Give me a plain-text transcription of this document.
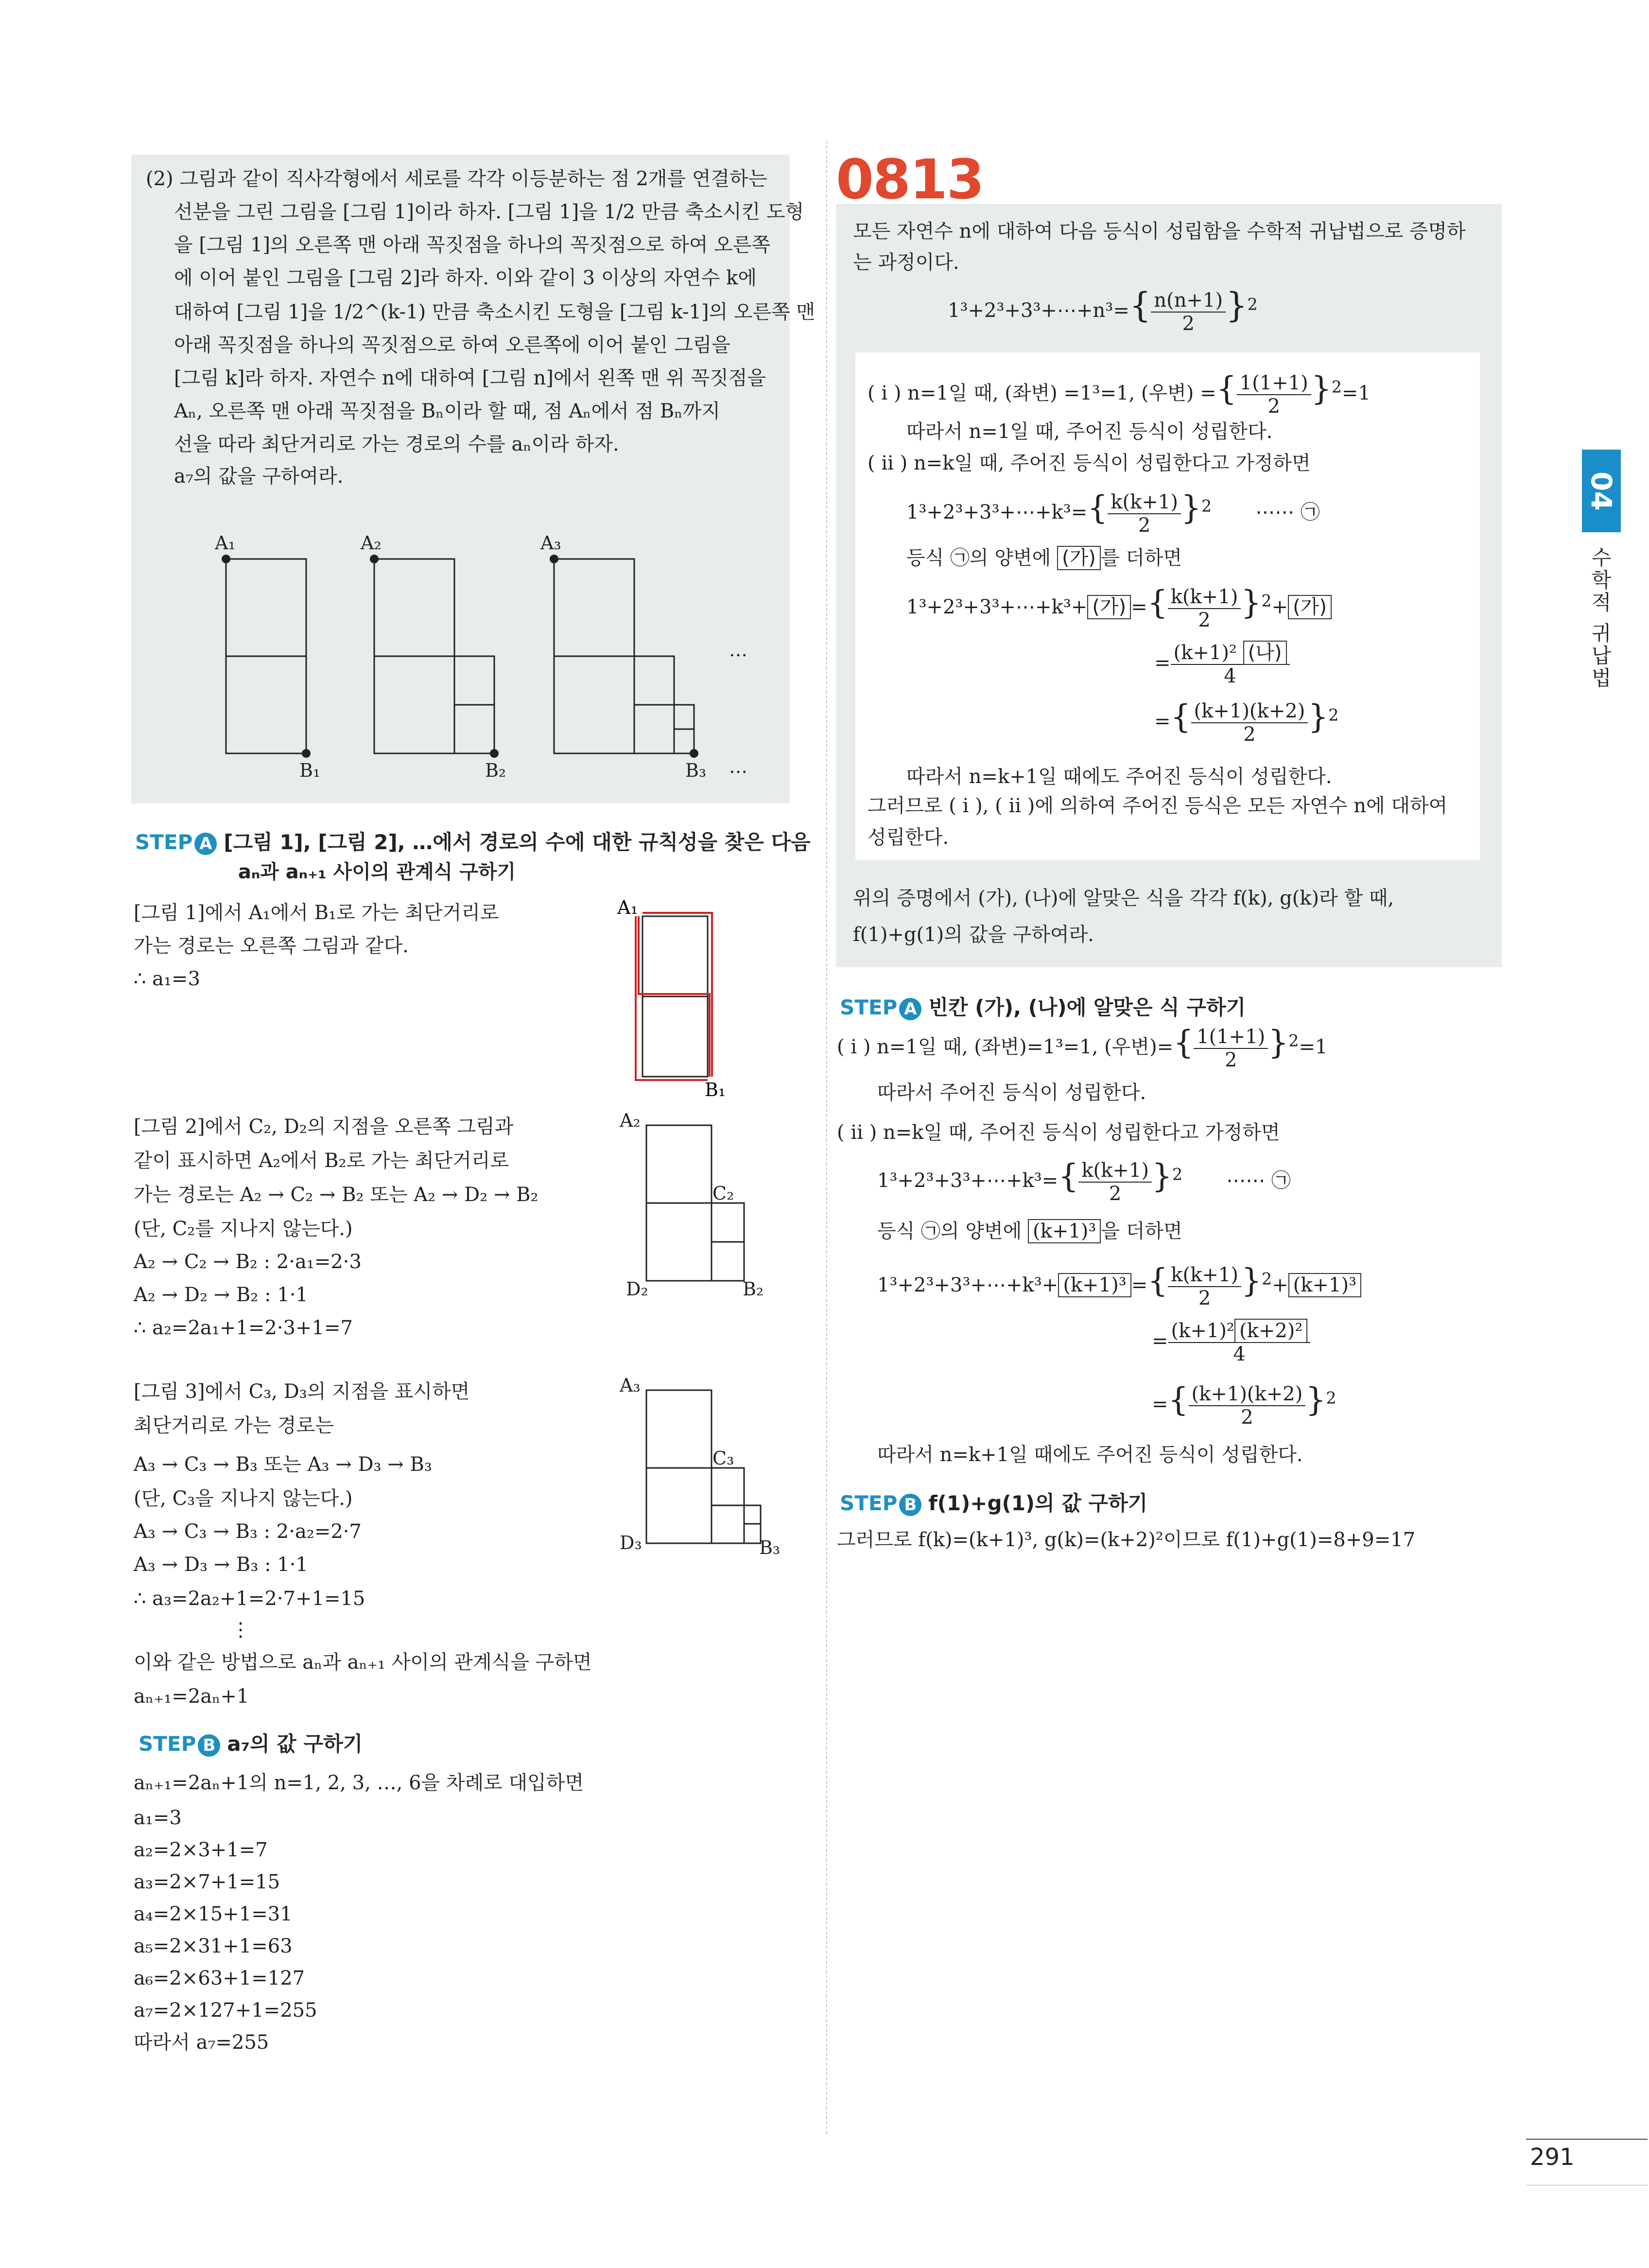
(2) 그림과 같이 직사각형에서 세로를 각각 이등분하는 점 2개를 연결하는
선분을 그린 그림을 [그림 1]이라 하자. [그림 1]을 1/2 만큼 축소시킨 도형
을 [그림 1]의 오른쪽 맨 아래 꼭짓점을 하나의 꼭짓점으로 하여 오른쪽
에 이어 붙인 그림을 [그림 2]라 하자. 이와 같이 3 이상의 자연수 k에
대하여 [그림 1]을 1/2^(k-1) 만큼 축소시킨 도형을 [그림 k-1]의 오른쪽 맨
아래 꼭짓점을 하나의 꼭짓점으로 하여 오른쪽에 이어 붙인 그림을
[그림 k]라 하자. 자연수 n에 대하여 [그림 n]에서 왼쪽 맨 위 꼭짓점을
Aₙ, 오른쪽 맨 아래 꼭짓점을 Bₙ이라 할 때, 점 Aₙ에서 점 Bₙ까지
선을 따라 최단거리로 가는 경로의 수를 aₙ이라 하자.
a₇의 값을 구하여라.
A₁	A₂	A₃
B₁	B₂	B₃
…
…
STEP A [그림 1], [그림 2], …에서 경로의 수에 대한 규칙성을 찾은 다음
aₙ과 aₙ₊₁ 사이의 관계식 구하기
[그림 1]에서 A₁에서 B₁로 가는 최단거리로
가는 경로는 오른쪽 그림과 같다.
∴ a₁=3
A₁
B₁
[그림 2]에서 C₂, D₂의 지점을 오른쪽 그림과
같이 표시하면 A₂에서 B₂로 가는 최단거리로
가는 경로는 A₂ → C₂ → B₂ 또는 A₂ → D₂ → B₂
(단, C₂를 지나지 않는다.)
A₂ → C₂ → B₂ : 2·a₁=2·3
A₂ → D₂ → B₂ : 1·1
∴ a₂=2a₁+1=2·3+1=7
A₂
C₂
D₂	B₂
[그림 3]에서 C₃, D₃의 지점을 표시하면
최단거리로 가는 경로는
A₃ → C₃ → B₃ 또는 A₃ → D₃ → B₃
(단, C₃을 지나지 않는다.)
A₃ → C₃ → B₃ : 2·a₂=2·7
A₃ → D₃ → B₃ : 1·1
∴ a₃=2a₂+1=2·7+1=15
⋮
이와 같은 방법으로 aₙ과 aₙ₊₁ 사이의 관계식을 구하면
aₙ₊₁=2aₙ+1
A₃
C₃
D₃	B₃
STEP B a₇의 값 구하기
aₙ₊₁=2aₙ+1의 n=1, 2, 3, …, 6을 차례로 대입하면
a₁=3
a₂=2×3+1=7
a₃=2×7+1=15
a₄=2×15+1=31
a₅=2×31+1=63
a₆=2×63+1=127
a₇=2×127+1=255
따라서 a₇=255
0813
모든 자연수 n에 대하여 다음 등식이 성립함을 수학적 귀납법으로 증명하
는 과정이다.
1³+2³+3³+⋯+n³={ $\frac{n(n+1)}{2} \}^2$
( i ) n=1일 때, (좌변) =1³=1, (우변) ={ $\frac{1(1+1)}{2} \}^2=1$
따라서 n=1일 때, 주어진 등식이 성립한다.
( ii ) n=k일 때, 주어진 등식이 성립한다고 가정하면
1³+2³+3³+⋯+k³={ $\frac{k(k+1)}{2} \}^2$ ⋯⋯ ㉠
등식 ㉠의 양변에 (가) 를 더하면
1³+2³+3³+⋯+k³+ (가) ={ $\frac{k(k+1)}{2} \}^2+$ (가)
= $\frac{\text{(k+1)² (나)}}{4}$
={ $\frac{(k+1)(k+2)}{2} \}^2$
따라서 n=k+1일 때에도 주어진 등식이 성립한다.
그러므로 ( i ), ( ii )에 의하여 주어진 등식은 모든 자연수 n에 대하여
성립한다.
위의 증명에서 (가), (나)에 알맞은 식을 각각 f(k), g(k)라 할 때,
f(1)+g(1)의 값을 구하여라.
STEP A 빈칸 (가), (나)에 알맞은 식 구하기
( i ) n=1일 때, (좌변)=1³=1, (우변)={ $\frac{1(1+1)}{2} \}^2=1$
따라서 주어진 등식이 성립한다.
( ii ) n=k일 때, 주어진 등식이 성립한다고 가정하면
1³+2³+3³+⋯+k³={ $\frac{k(k+1)}{2} \}^2$ ⋯⋯ ㉠
등식 ㉠의 양변에 (k+1)³ 을 더하면
1³+2³+3³+⋯+k³+ (k+1)³ ={ $\frac{k(k+1)}{2} \}^2+ (k+1)^3$
= $\frac{\text{(k+1)² (k+2)²}}{4}$
={ $\frac{(k+1)(k+2)}{2} \}^2$
따라서 n=k+1일 때에도 주어진 등식이 성립한다.
STEP B f(1)+g(1)의 값 구하기
그러므로 f(k)=(k+1)³, g(k)=(k+2)²이므로 f(1)+g(1)=8+9=17
04
수학적 귀납법
291
